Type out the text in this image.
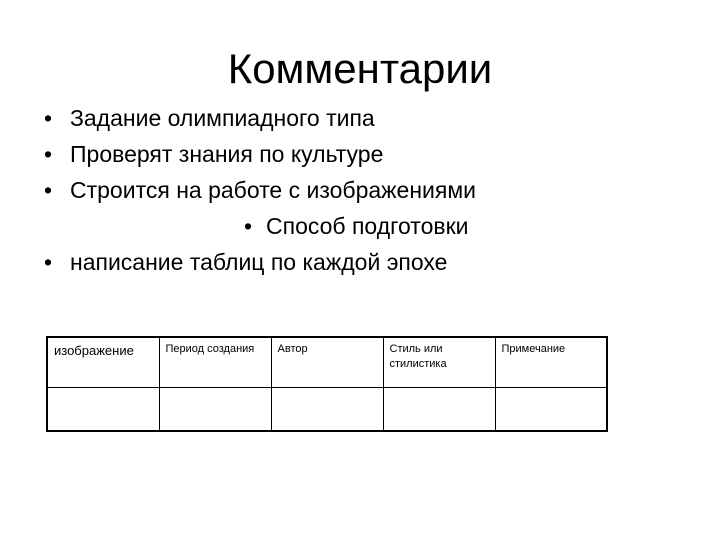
Комментарии
• Задание олимпиадного типа
• Проверят знания по культуре
• Строится на работе с изображениями
• Способ подготовки
• написание таблиц по каждой эпохе
изображение	Период создания	Автор	Стиль или стилистика	Примечание
